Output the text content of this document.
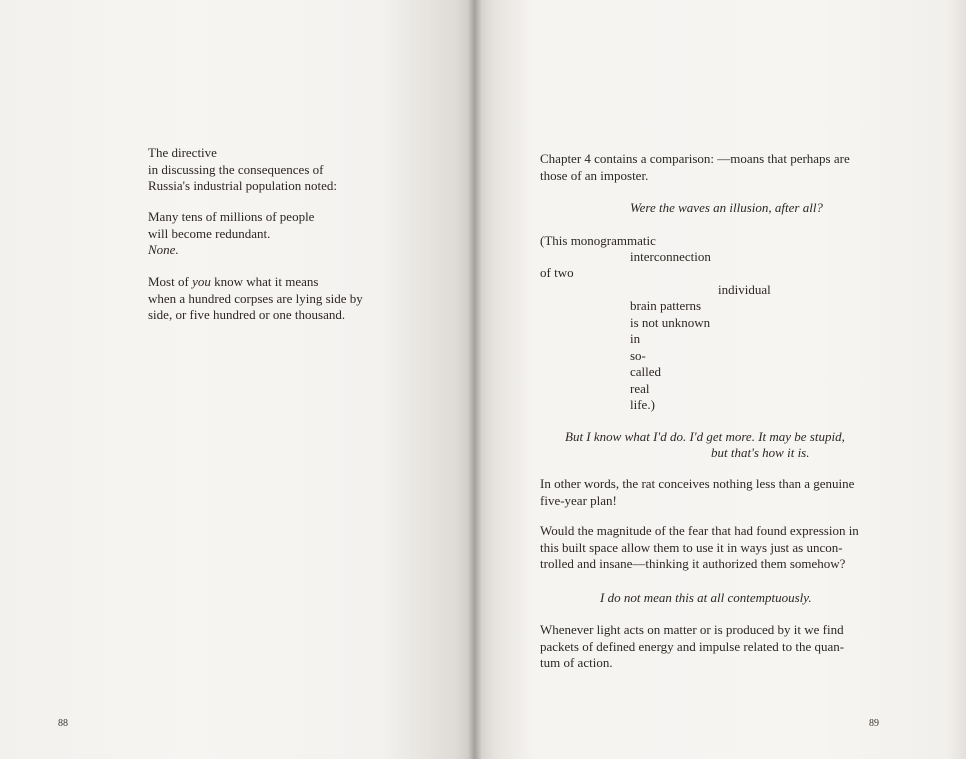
The directive
in discussing the consequences of
Russia's industrial population noted:
Many tens of millions of people
will become redundant.
None.
Most of you know what it means
when a hundred corpses are lying side by
side, or five hundred or one thousand.
88
Chapter 4 contains a comparison: —moans that perhaps are
those of an imposter.
Were the waves an illusion, after all?
(This monogrammatic
interconnection
of two
individual
brain patterns
is not unknown
in
so-
called
real
life.)
But I know what I'd do. I'd get more. It may be stupid,
but that's how it is.
In other words, the rat conceives nothing less than a genuine
five-year plan!
Would the magnitude of the fear that had found expression in
this built space allow them to use it in ways just as uncon-
trolled and insane—thinking it authorized them somehow?
I do not mean this at all contemptuously.
Whenever light acts on matter or is produced by it we find
packets of defined energy and impulse related to the quan-
tum of action.
89
